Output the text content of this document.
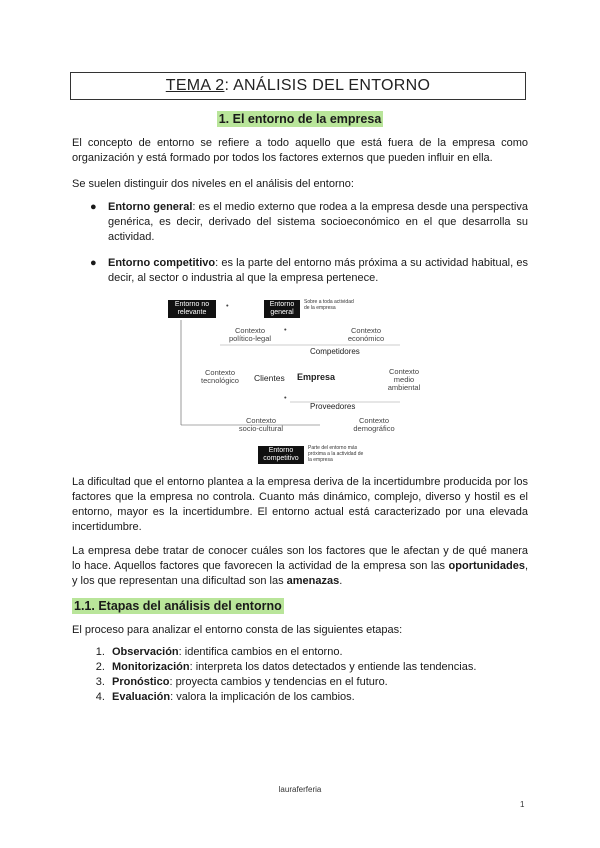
TEMA 2 : ANÁLISIS DEL ENTORNO
1. El entorno de la empresa

El concepto de entorno se refiere a todo aquello que está fuera de la empresa como organización y está formado por todos los factores externos que pueden influir en ella.

Se suelen distinguir dos niveles en el análisis del entorno:

● Entorno general: es el medio externo que rodea a la empresa desde una perspectiva genérica, es decir, derivado del sistema socioeconómico en el que desarrolla su actividad.
● Entorno competitivo: es la parte del entorno más próxima a su actividad habitual, es decir, al sector o industria al que la empresa pertenece.
Entorno no relevante
•	Entorno general
Sobre a toda actividad de la empresa
Contexto político-legal
•	Contexto económico
Competidores
Contexto tecnológico Clientes Empresa
Contexto medio ambiental
•
Proveedores
Contexto socio-cultural
Contexto demográfico
Entorno competitivo
Parte del entorno más próxima a la actividad de la empresa

La dificultad que el entorno plantea a la empresa deriva de la incertidumbre producida por los factores que la empresa no controla. Cuanto más dinámico, complejo, diverso y hostil es el entorno, mayor es la incertidumbre. El entorno actual está caracterizado por una elevada incertidumbre.

La empresa debe tratar de conocer cuáles son los factores que le afectan y de qué manera lo hace. Aquellos factores que favorecen la actividad de la empresa son las oportunidades, y los que representan una dificultad son las amenazas.

1.1. Etapas del análisis del entorno

El proceso para analizar el entorno consta de las siguientes etapas:

1. Observación: identifica cambios en el entorno.
2. Monitorización: interpreta los datos detectados y entiende las tendencias.
3. Pronóstico: proyecta cambios y tendencias en el futuro.
4. Evaluación: valora la implicación de los cambios.
lauraferferia
1
